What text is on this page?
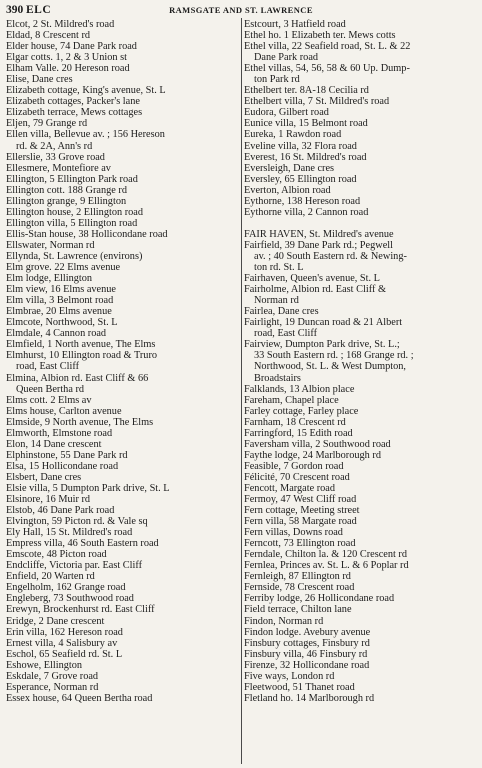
390 ELC	RAMSGATE AND ST. LAWRENCE
Elcot, 2 St. Mildred's road
Eldad, 8 Crescent rd
Elder house, 74 Dane Park road
Elgar cotts. 1, 2 & 3 Union st
Elham Valle. 20 Hereson road
Elise, Dane cres
Elizabeth cottage, King's avenue, St. L
Elizabeth cottages, Packer's lane
Elizabeth terrace, Mews cottages
Eljen, 79 Grange rd
Ellen villa, Bellevue av. ; 156 Hereson
rd. & 2A, Ann's rd
Ellerslie, 33 Grove road
Ellesmere, Montefiore av
Ellington, 5 Ellington Park road
Ellington cott. 188 Grange rd
Ellington grange, 9 Ellington
Ellington house, 2 Ellington road
Ellington villa, 5 Ellington road
Ellis-Stan house, 38 Hollicondane road
Ellswater, Norman rd
Ellynda, St. Lawrence (environs)
Elm grove. 22 Elms avenue
Elm lodge, Ellington
Elm view, 16 Elms avenue
Elm villa, 3 Belmont road
Elmbrae, 20 Elms avenue
Elmcote, Northwood, St. L
Elmdale, 4 Cannon road
Elmfield, 1 North avenue, The Elms
Elmhurst, 10 Ellington road & Truro
road, East Cliff
Elmina, Albion rd. East Cliff & 66
Queen Bertha rd
Elms cott. 2 Elms av
Elms house, Carlton avenue
Elmside, 9 North avenue, The Elms
Elmworth, Elmstone road
Elon, 14 Dane crescent
Elphinstone, 55 Dane Park rd
Elsa, 15 Hollicondane road
Elsbert, Dane cres
Elsie villa, 5 Dumpton Park drive, St. L
Elsinore, 16 Muir rd
Elstob, 46 Dane Park road
Elvington, 59 Picton rd. & Vale sq
Ely Hall, 15 St. Mildred's road
Empress villa, 46 South Eastern road
Emscote, 48 Picton road
Endcliffe, Victoria par. East Cliff
Enfield, 20 Warten rd
Engelholm, 162 Grange road
Engleberg, 73 Southwood road
Erewyn, Brockenhurst rd. East Cliff
Eridge, 2 Dane crescent
Erin villa, 162 Hereson road
Ernest villa, 4 Salisbury av
Eschol, 65 Seafield rd. St. L
Eshowe, Ellington
Eskdale, 7 Grove road
Esperance, Norman rd
Essex house, 64 Queen Bertha road
Estcourt, 3 Hatfield road
Ethel ho. 1 Elizabeth ter. Mews cotts
Ethel villa, 22 Seafield road, St. L. & 22
Dane Park road
Ethel villas, 54, 56, 58 & 60 Up. Dump-
ton Park rd
Ethelbert ter. 8A-18 Cecilia rd
Ethelbert villa, 7 St. Mildred's road
Eudora, Gilbert road
Eunice villa, 15 Belmont road
Eureka, 1 Rawdon road
Eveline villa, 32 Flora road
Everest, 16 St. Mildred's road
Eversleigh, Dane cres
Eversley, 65 Ellington road
Everton, Albion road
Eythorne, 138 Hereson road
Eythorne villa, 2 Cannon road

FAIR HAVEN, St. Mildred's avenue
Fairfield, 39 Dane Park rd.; Pegwell
av. ; 40 South Eastern rd. & Newing-
ton rd. St. L
Fairhaven, Queen's avenue, St. L
Fairholme, Albion rd. East Cliff &
Norman rd
Fairlea, Dane cres
Fairlight, 19 Duncan road & 21 Albert
road, East Cliff
Fairview, Dumpton Park drive, St. L.;
33 South Eastern rd. ; 168 Grange rd. ;
Northwood, St. L. & West Dumpton,
Broadstairs
Falklands, 13 Albion place
Fareham, Chapel place
Farley cottage, Farley place
Farnham, 18 Crescent rd
Farringford, 15 Edith road
Faversham villa, 2 Southwood road
Faythe lodge, 24 Marlborough rd
Feasible, 7 Gordon road
Félicité, 70 Crescent road
Fencott, Margate road
Fermoy, 47 West Cliff road
Fern cottage, Meeting street
Fern villa, 58 Margate road
Fern villas, Downs road
Ferncott, 73 Ellington road
Ferndale, Chilton la. & 120 Crescent rd
Fernlea, Princes av. St. L. & 6 Poplar rd
Fernleigh, 87 Ellington rd
Fernside, 78 Crescent road
Ferriby lodge, 26 Hollicondane road
Field terrace, Chilton lane
Findon, Norman rd
Findon lodge. Avebury avenue
Finsbury cottages, Finsbury rd
Finsbury villa, 46 Finsbury rd
Firenze, 32 Hollicondane road
Five ways, London rd
Fleetwood, 51 Thanet road
Fletland ho. 14 Marlborough rd
